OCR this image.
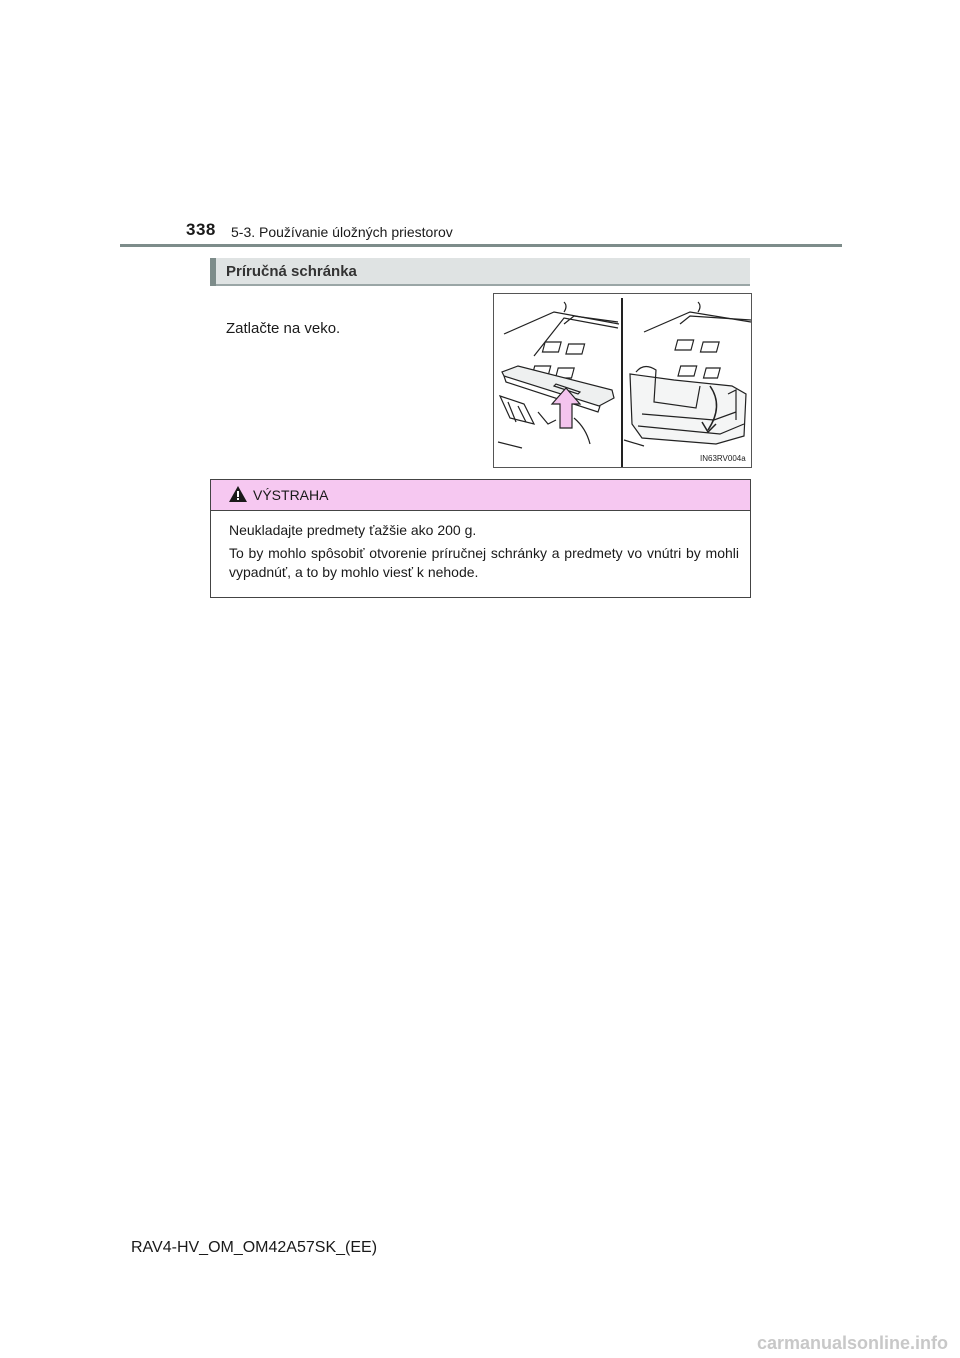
338 5-3. Používanie úložných priestorov
Príručná schránka
Zatlačte na veko.
IN63RV004a
VÝSTRAHA
Neukladajte predmety ťažšie ako 200 g.
To by mohlo spôsobiť otvorenie príručnej schránky a predmety vo vnútri by mohli vypadnúť, a to by mohlo viesť k nehode.
RAV4-HV_OM_OM42A57SK_(EE)
carmanualsonline.info
